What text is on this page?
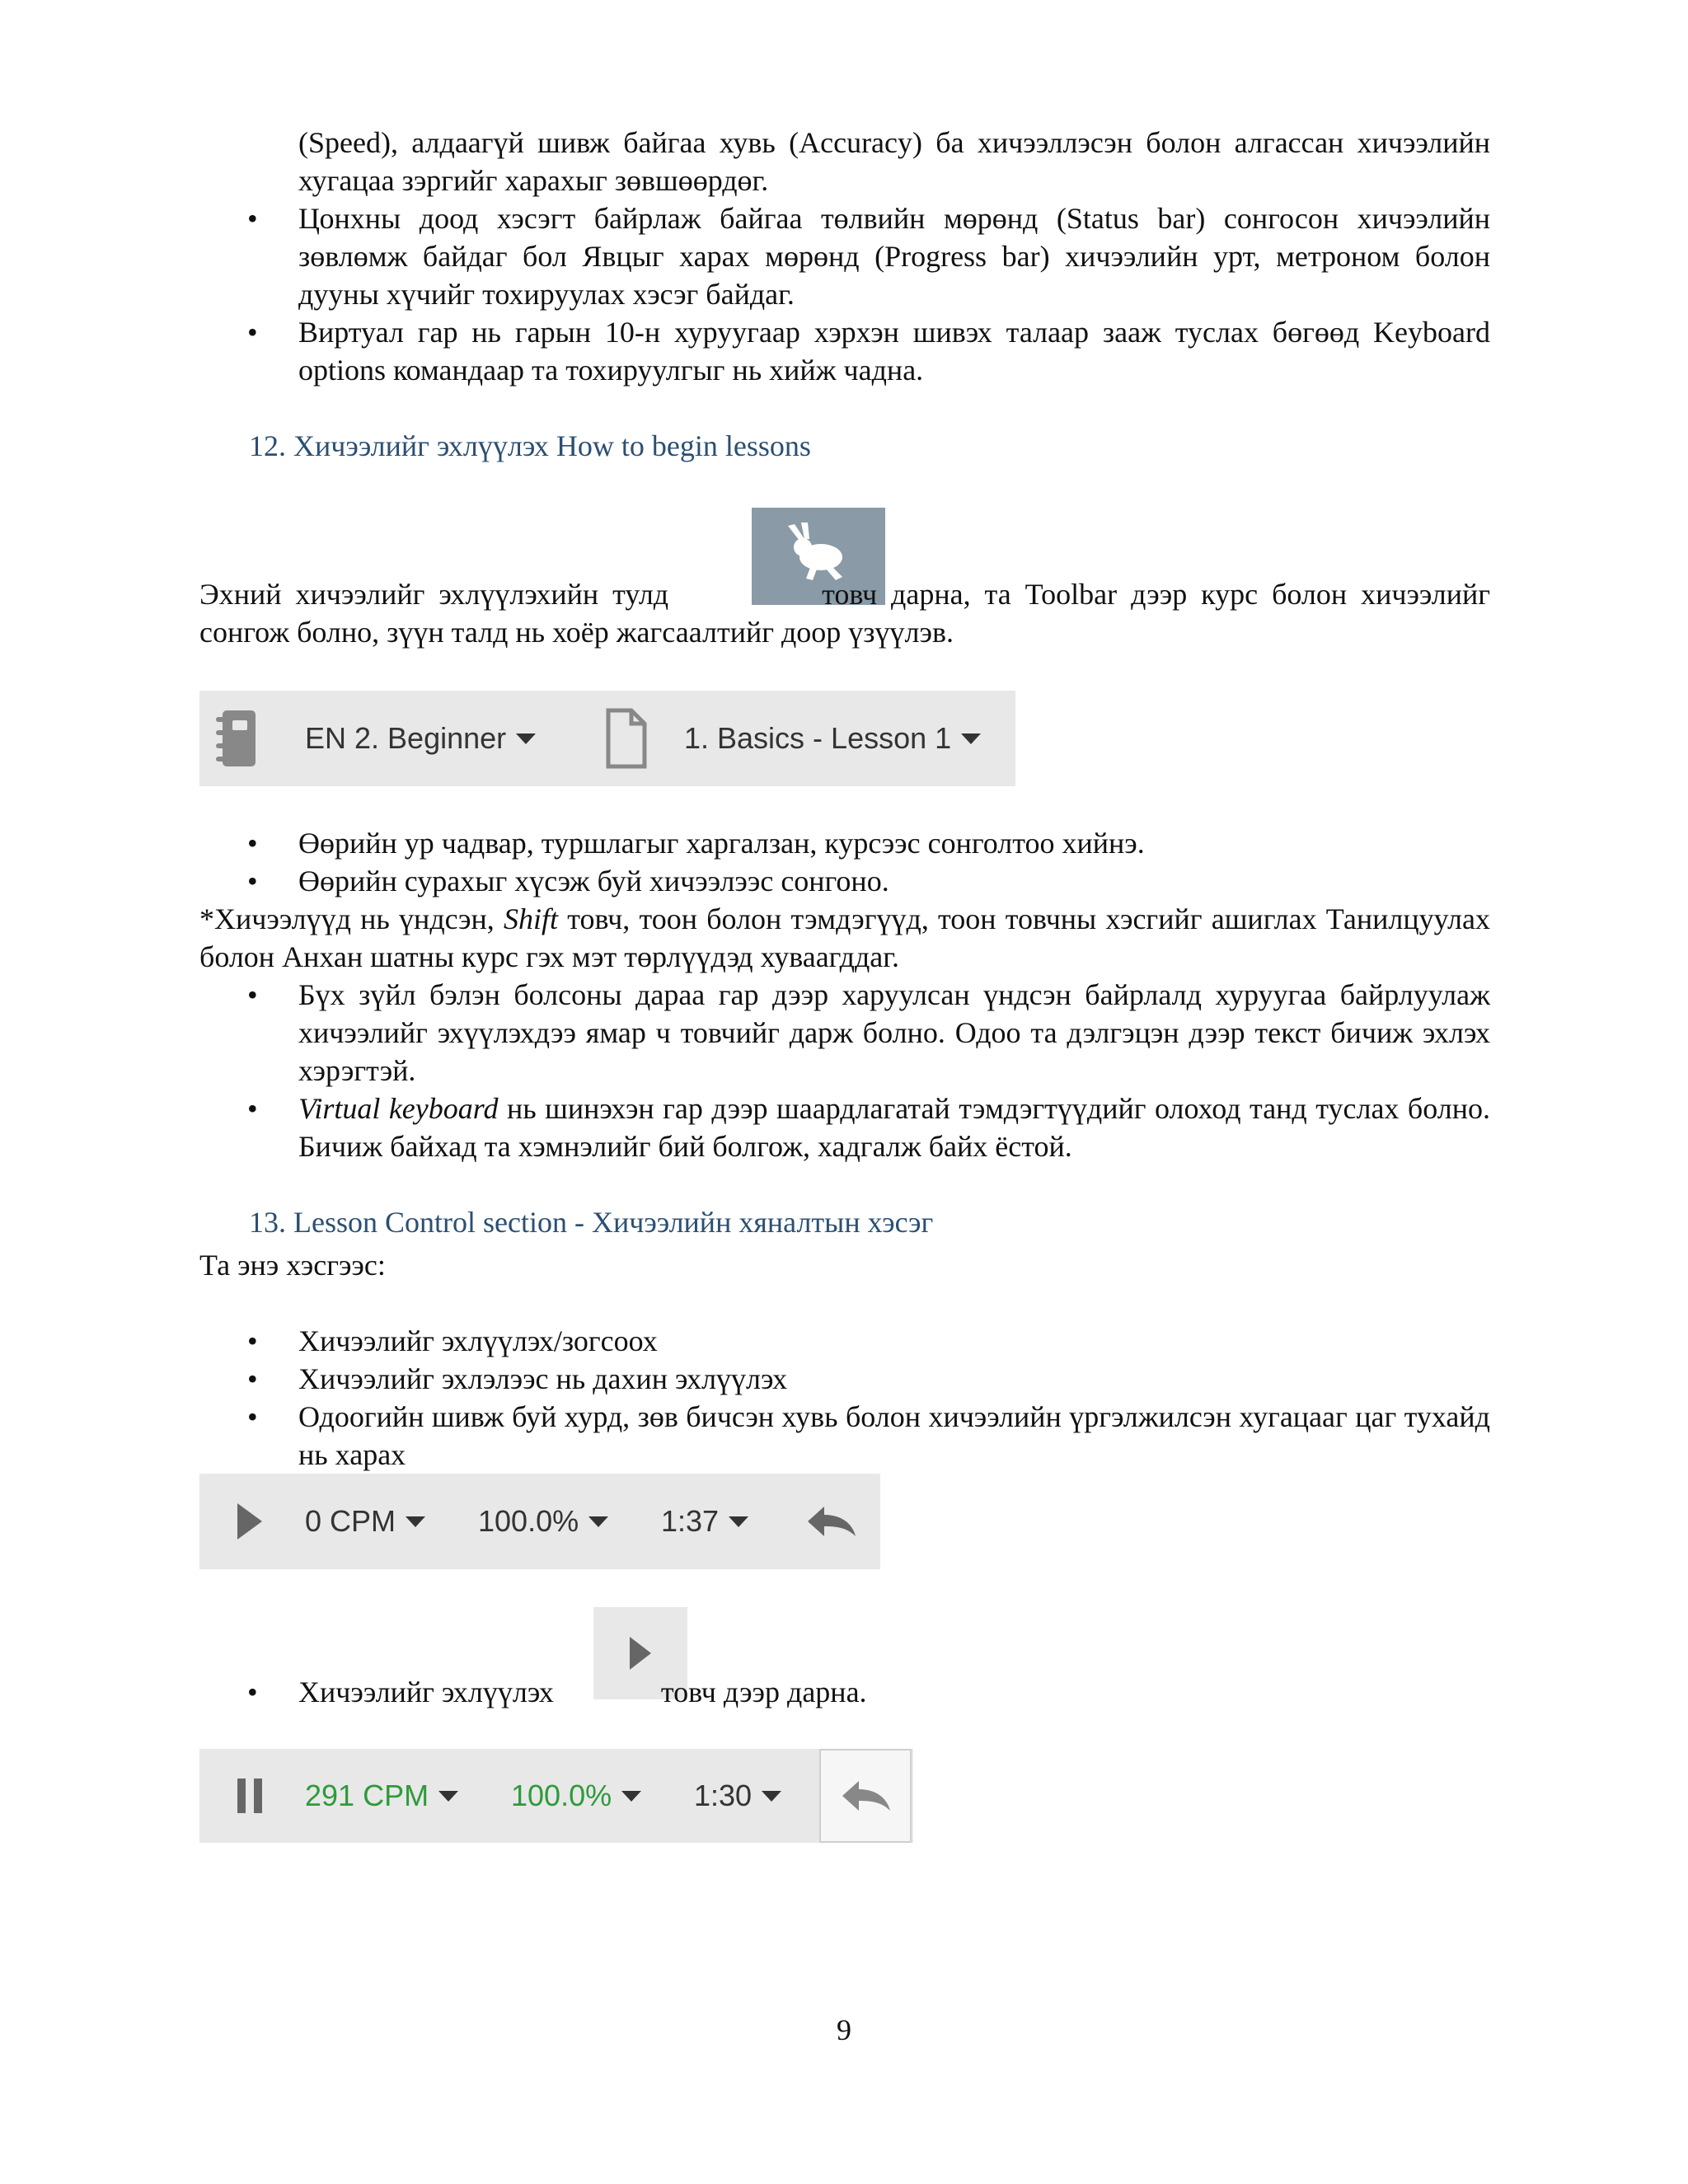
(Speed), алдаагүй шивж байгаа хувь (Accuracy) ба хичээллэсэн болон алгассан хичээлийн хугацаа зэргийг харахыг зөвшөөрдөг.

• Цонхны доод хэсэгт байрлаж байгаа төлвийн мөрөнд (Status bar) сонгосон хичээлийн зөвлөмж байдаг бол Явцыг харах мөрөнд (Progress bar) хичээлийн урт, метроном болон дууны хүчийг тохируулах хэсэг байдаг.

• Виртуал гар нь гарын 10-н хуруугаар хэрхэн шивэх талаар зааж туслах бөгөөд Keyboard options командаар та тохируулгыг нь хийж чадна.

12. Хичээлийг эхлүүлэх How to begin lessons

Эхний хичээлийг эхлүүлэхийн тулд	товч дарна, та Toolbar дээр курс болон хичээлийг сонгож болно, зүүн талд нь хоёр жагсаалтийг доор үзүүлэв.

EN 2. Beginner	1. Basics - Lesson 1

• Өөрийн ур чадвар, туршлагыг харгалзан, курсээс сонголтоо хийнэ.

• Өөрийн сурахыг хүсэж буй хичээлээс сонгоно.

*Хичээлүүд нь үндсэн, Shift товч, тоон болон тэмдэгүүд, тоон товчны хэсгийг ашиглах Танилцуулах болон Анхан шатны курс гэх мэт төрлүүдэд хуваагддаг.

• Бүх зүйл бэлэн болсоны дараа гар дээр харуулсан үндсэн байрлалд хуруугаа байрлуулаж хичээлийг эхүүлэхдээ ямар ч товчийг дарж болно. Одоо та дэлгэцэн дээр текст бичиж эхлэх хэрэгтэй.

• Virtual keyboard нь шинэхэн гар дээр шаардлагатай тэмдэгтүүдийг олоход танд туслах болно. Бичиж байхад та хэмнэлийг бий болгож, хадгалж байх ёстой.

13. Lesson Control section - Хичээлийн хяналтын хэсэг

Та энэ хэсгээс:

• Хичээлийг эхлүүлэх/зогсоох

• Хичээлийг эхлэлээс нь дахин эхлүүлэх

• Одоогийн шивж буй хурд, зөв бичсэн хувь болон хичээлийн үргэлжилсэн хугацааг цаг тухайд нь харах

0 CPM	100.0%	1:37

• Хичээлийг эхлүүлэх	товч дээр дарна.

291 CPM	100.0%	1:30
9
